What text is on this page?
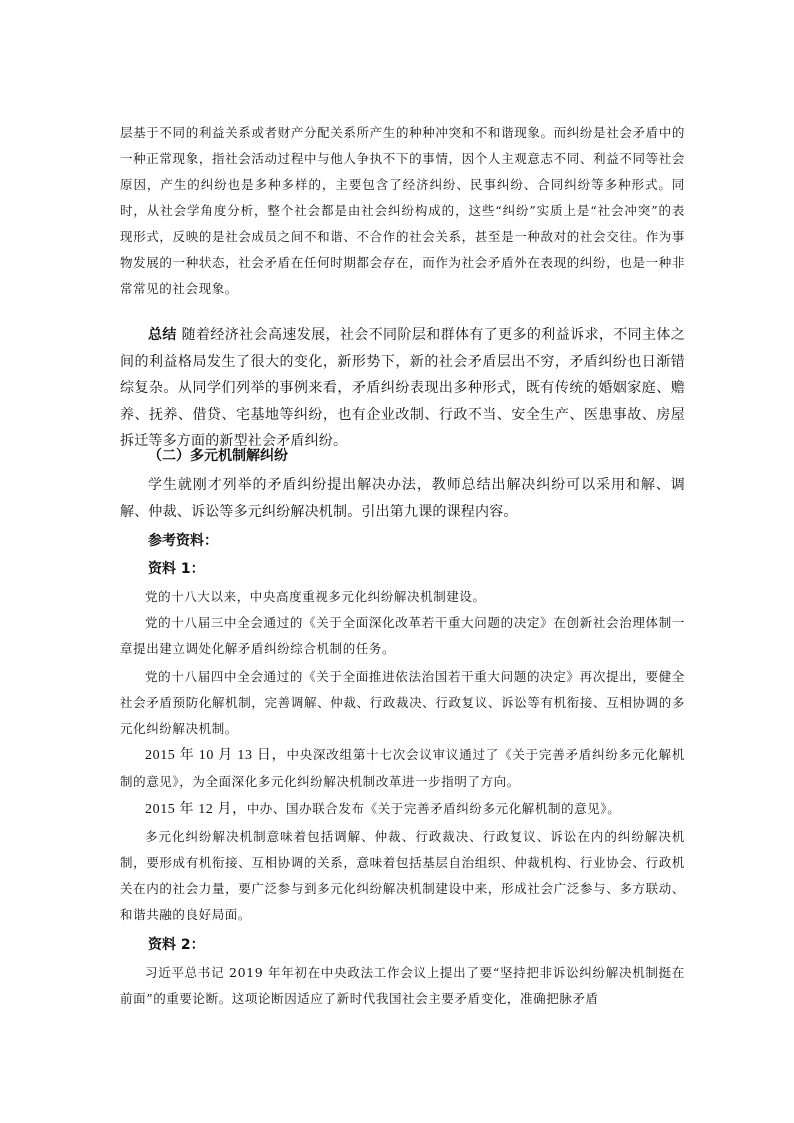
层基于不同的利益关系或者财产分配关系所产生的种种冲突和不和谐现象。而纠纷是社会矛盾中的一种正常现象，指社会活动过程中与他人争执不下的事情，因个人主观意志不同、利益不同等社会原因，产生的纠纷也是多种多样的，主要包含了经济纠纷、民事纠纷、合同纠纷等多种形式。同时，从社会学角度分析，整个社会都是由社会纠纷构成的，这些“纠纷”实质上是“社会冲突”的表现形式，反映的是社会成员之间不和谐、不合作的社会关系，甚至是一种敌对的社会交往。作为事物发展的一种状态，社会矛盾在任何时期都会存在，而作为社会矛盾外在表现的纠纷，也是一种非常常见的社会现象。

总结 随着经济社会高速发展，社会不同阶层和群体有了更多的利益诉求，不同主体之间的利益格局发生了很大的变化，新形势下，新的社会矛盾层出不穷，矛盾纠纷也日渐错综复杂。从同学们列举的事例来看，矛盾纠纷表现出多种形式，既有传统的婚姻家庭、赡养、抚养、借贷、宅基地等纠纷，也有企业改制、行政不当、安全生产、医患事故、房屋拆迁等多方面的新型社会矛盾纠纷。

（二）多元机制解纠纷

学生就刚才列举的矛盾纠纷提出解决办法，教师总结出解决纠纷可以采用和解、调解、仲裁、诉讼等多元纠纷解决机制。引出第九课的课程内容。

参考资料：

资料 1：

党的十八大以来，中央高度重视多元化纠纷解决机制建设。

党的十八届三中全会通过的《关于全面深化改革若干重大问题的决定》在创新社会治理体制一章提出建立调处化解矛盾纠纷综合机制的任务。

党的十八届四中全会通过的《关于全面推进依法治国若干重大问题的决定》再次提出，要健全社会矛盾预防化解机制，完善调解、仲裁、行政裁决、行政复议、诉讼等有机衔接、互相协调的多元化纠纷解决机制。

2015 年 10 月 13 日，中央深改组第十七次会议审议通过了《关于完善矛盾纠纷多元化解机制的意见》，为全面深化多元化纠纷解决机制改革进一步指明了方向。

2015 年 12 月，中办、国办联合发布《关于完善矛盾纠纷多元化解机制的意见》。

多元化纠纷解决机制意味着包括调解、仲裁、行政裁决、行政复议、诉讼在内的纠纷解决机制，要形成有机衔接、互相协调的关系，意味着包括基层自治组织、仲裁机构、行业协会、行政机关在内的社会力量，要广泛参与到多元化纠纷解决机制建设中来，形成社会广泛参与、多方联动、和谐共融的良好局面。

资料 2：

习近平总书记 2019 年年初在中央政法工作会议上提出了要“坚持把非诉讼纠纷解决机制挺在前面”的重要论断。这项论断因适应了新时代我国社会主要矛盾变化，准确把脉矛盾
